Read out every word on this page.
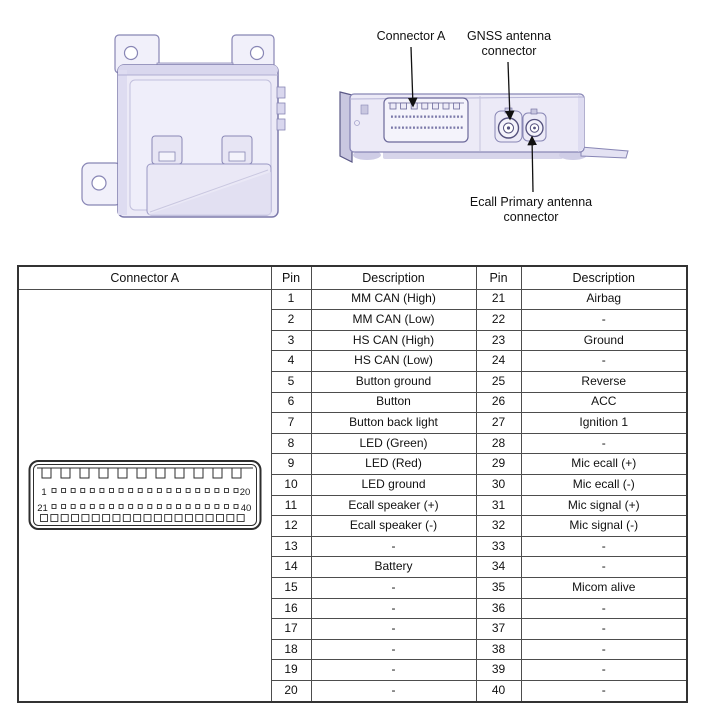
Connector A	GNSS antenna connector
Ecall Primary antenna connector
Connector A	Pin	Description	Pin	Description

1 20
21 40	1	MM CAN (High)	21	Airbag
	2	MM CAN (Low)	22	-
	3	HS CAN (High)	23	Ground
	4	HS CAN (Low)	24	-
	5	Button ground	25	Reverse
	6	Button	26	ACC
	7	Button back light	27	Ignition 1
	8	LED (Green)	28	-
	9	LED (Red)	29	Mic ecall (+)
	10	LED ground	30	Mic ecall (-)
	11	Ecall speaker (+)	31	Mic signal (+)
	12	Ecall speaker (-)	32	Mic signal (-)
	13	-	33	-
	14	Battery	34	-
	15	-	35	Micom alive
	16	-	36	-
	17	-	37	-
	18	-	38	-
	19	-	39	-
	20	-	40	-
